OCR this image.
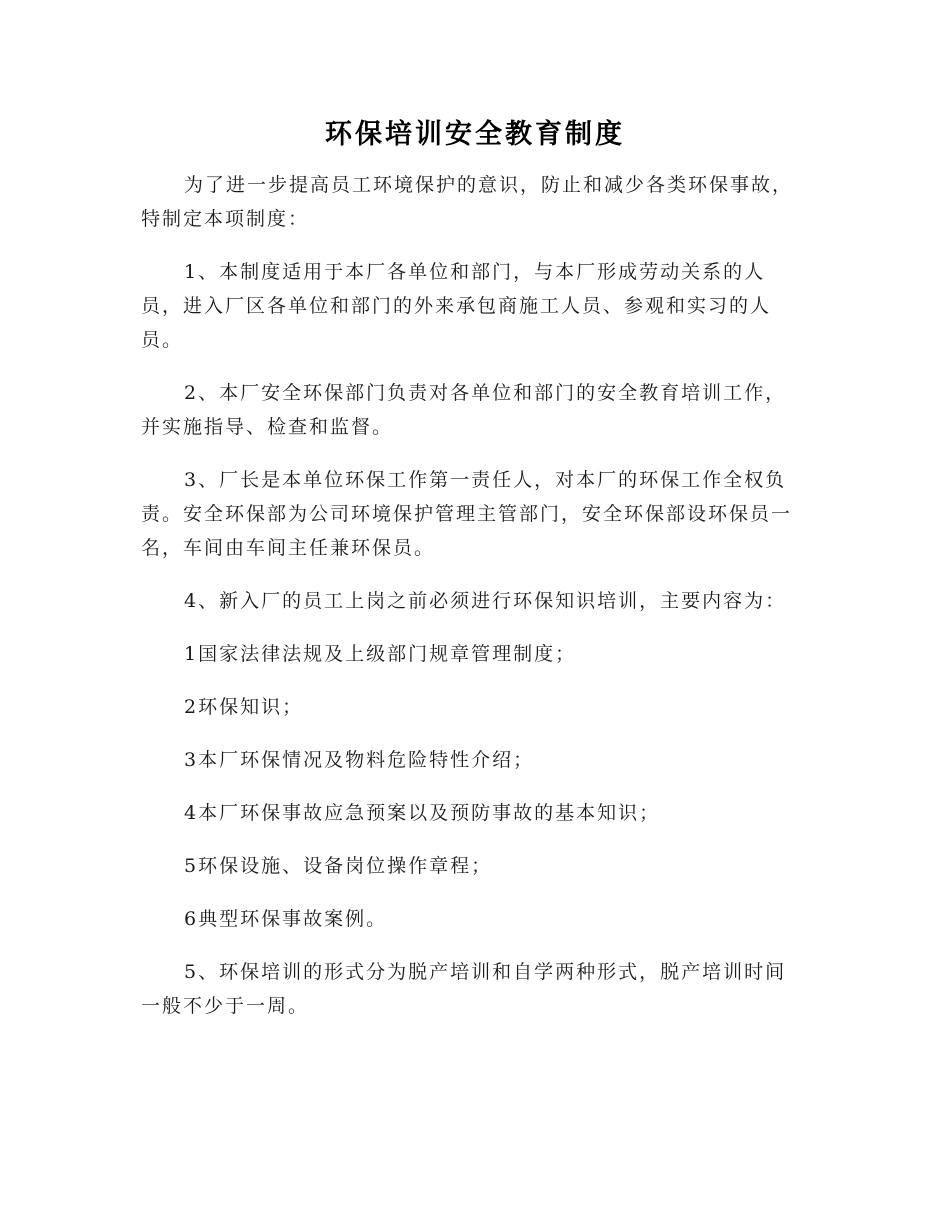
环保培训安全教育制度

为了进一步提高员工环境保护的意识，防止和减少各类环保事故，特制定本项制度：

1、本制度适用于本厂各单位和部门，与本厂形成劳动关系的人员，进入厂区各单位和部门的外来承包商施工人员、参观和实习的人员。

2、本厂安全环保部门负责对各单位和部门的安全教育培训工作，并实施指导、检查和监督。

3、厂长是本单位环保工作第一责任人，对本厂的环保工作全权负责。安全环保部为公司环境保护管理主管部门，安全环保部设环保员一名，车间由车间主任兼环保员。

4、新入厂的员工上岗之前必须进行环保知识培训，主要内容为：

1国家法律法规及上级部门规章管理制度；

2环保知识；

3本厂环保情况及物料危险特性介绍；

4本厂环保事故应急预案以及预防事故的基本知识；

5环保设施、设备岗位操作章程；

6典型环保事故案例。

5、环保培训的形式分为脱产培训和自学两种形式，脱产培训时间一般不少于一周。
